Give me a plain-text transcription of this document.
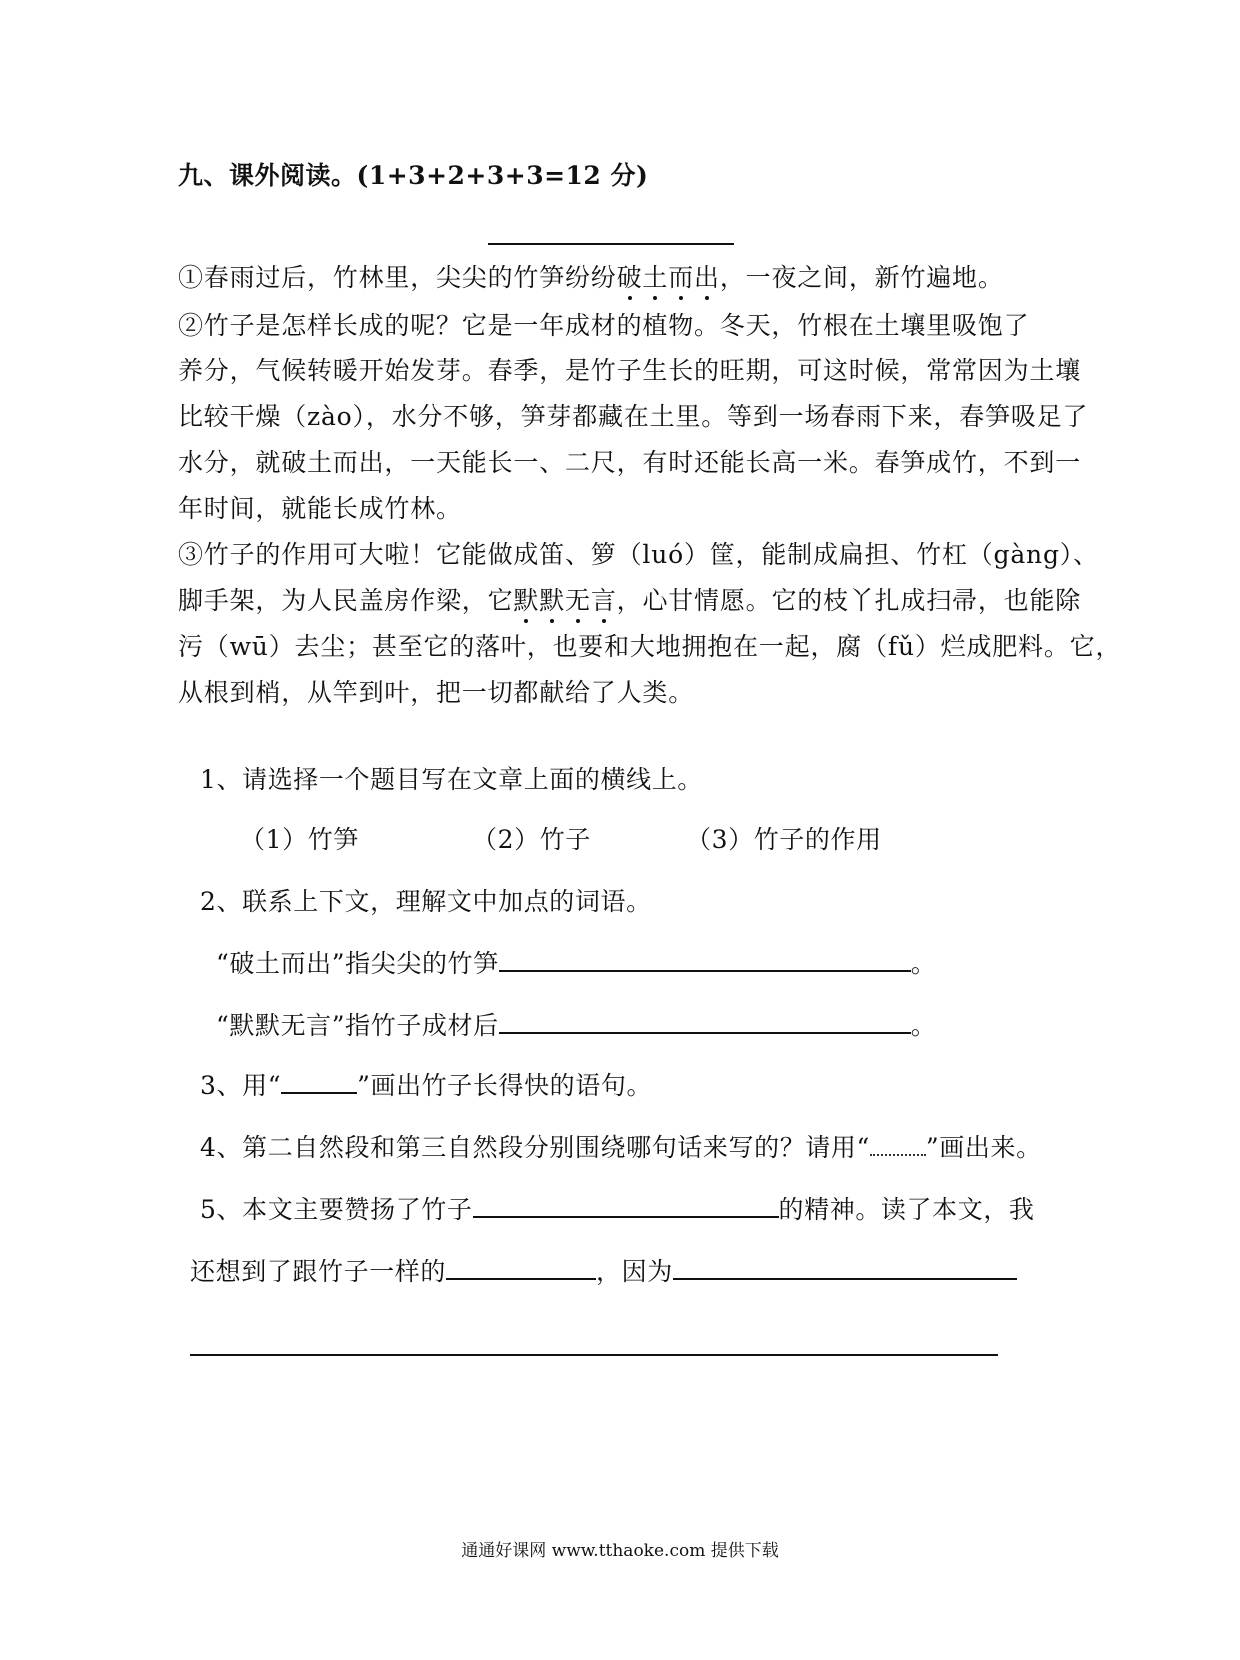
九、课外阅读。(1+3+2+3+3=12 分)
①春雨过后，竹林里，尖尖的竹笋纷纷破土而出，一夜之间，新竹遍地。
②竹子是怎样长成的呢？它是一年成材的植物。冬天，竹根在土壤里吸饱了
养分，气候转暖开始发芽。春季，是竹子生长的旺期，可这时候，常常因为土壤
比较干燥（zào），水分不够，笋芽都藏在土里。等到一场春雨下来，春笋吸足了
水分，就破土而出，一天能长一、二尺，有时还能长高一米。春笋成竹，不到一
年时间，就能长成竹林。
③竹子的作用可大啦！它能做成笛、箩（luó）筐，能制成扁担、竹杠（gàng）、
脚手架，为人民盖房作梁，它默默无言，心甘情愿。它的枝丫扎成扫帚，也能除
污（wū）去尘；甚至它的落叶，也要和大地拥抱在一起，腐（fǔ）烂成肥料。它，
从根到梢，从竿到叶，把一切都献给了人类。
1、请选择一个题目写在文章上面的横线上。
（1）竹笋	（2）竹子	（3）竹子的作用
2、联系上下文，理解文中加点的词语。
“破土而出”指尖尖的竹笋	。
“默默无言”指竹子成材后	。
3、用“	”画出竹子长得快的语句。
4、第二自然段和第三自然段分别围绕哪句话来写的？请用“ ”画出来。
5、本文主要赞扬了竹子	的精神。读了本文，我
还想到了跟竹子一样的	，因为
通通好课网 www.tthaoke.com 提供下载
